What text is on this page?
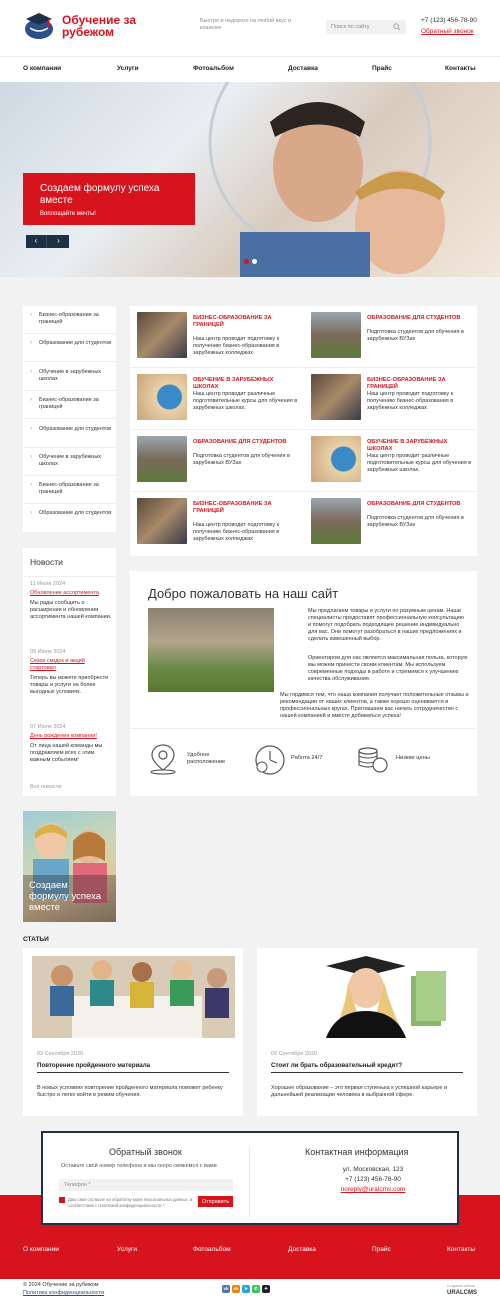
Обучение за рубежом
Быстро и недорого на любой вкус и кошелек
Поиск по сайту
+7 (123) 456-78-90
Обратный звонок
О компании	Услуги	Фотоальбом	Доставка	Прайс	Контакты
Создаем формулу успеха вместе
Воплощайте мечты!
‹	›
› Бизнес-образование за границей
› Образование для студентов
› Обучение в зарубежных школах
› Бизнес-образование за границей
› Образование для студентов
› Обучение в зарубежных школах
› Бизнес-образование за границей
› Образование для студентов
Новости
11 Июля 2024
Обновление ассортимента
Мы рады сообщить о расширении и обновлении ассортимента нашей компании.
09 Июля 2024
Сезон скидок и акций стартовал
Теперь вы можете приобрести товары и услуги на более выгодных условиях.
07 Июля 2024
День рождения компании!
От лица нашей команды мы поздравляем всех с этим важным событием!
Все новости
Создаем формулу успеха вместе
БИЗНЕС-ОБРАЗОВАНИЕ ЗА ГРАНИЦЕЙ
Наш центр проводит подготовку к получению бизнес-образования в зарубежных колледжах
ОБРАЗОВАНИЕ ДЛЯ СТУДЕНТОВ
Подготовка студентов для обучения в зарубежных ВУЗах
ОБУЧЕНИЕ В ЗАРУБЕЖНЫХ ШКОЛАХ
Наш центр проводит различные подготовительные курсы для обучения в зарубежных школах.
БИЗНЕС-ОБРАЗОВАНИЕ ЗА ГРАНИЦЕЙ
Наш центр проводит подготовку к получению бизнес-образования в зарубежных колледжах
ОБРАЗОВАНИЕ ДЛЯ СТУДЕНТОВ
Подготовка студентов для обучения в зарубежных ВУЗах
ОБУЧЕНИЕ В ЗАРУБЕЖНЫХ ШКОЛАХ
Наш центр проводит различные подготовительные курсы для обучения в зарубежных школах.
БИЗНЕС-ОБРАЗОВАНИЕ ЗА ГРАНИЦЕЙ
Наш центр проводит подготовку к получению бизнес-образования в зарубежных колледжах
ОБРАЗОВАНИЕ ДЛЯ СТУДЕНТОВ
Подготовка студентов для обучения в зарубежных ВУЗах
Добро пожаловать на наш сайт
Мы предлагаем товары и услуги по разумным ценам. Наши специалисты предоставят профессиональную консультацию и помогут подобрать подходящее решение индивидуально для вас. Они помогут разобраться в наших предложениях и сделать взвешенный выбор.
Ориентиром для нас является максимальная польза, которую мы можем принести своим клиентам. Мы используем современные подходы в работе и стремимся к улучшению качества обслуживания.
Мы гордимся тем, что наша компания получает положительные отзывы и рекомендации от наших клиентов, а также хорошо оценивается в профессиональных кругах. Приглашаем вас начать сотрудничество с нашей компанией и вместе добиваться успеха!
Удобное расположение
Работа 24/7	Низкие цены
СТАТЬИ
03 Сентября 2020
Повторение пройденного материала
В новых условиях повторение пройденного материала поможет ребенку быстро и легко войти в режим обучения.
03 Сентября 2020
Стоит ли брать образовательный кредит?
Хорошее образование – это первая ступенька к успешной карьере и дальнейшей реализации человека в выбранной сфере.
Обратный звонок
Оставьте свой номер телефона и мы скоро свяжемся с вами
Телефон *
Даю свое согласие на обработку моих персональных данных, в соответствии с политикой конфиденциальности *
Отправить
Контактная информация
ул. Московская, 123
+7 (123) 456-78-90
noreply@uralcms.com
О компании	Услуги	Фотоальбом	Доставка	Прайс	Контакты
© 2024 Обучение за рубежом
Политика конфиденциальности
vk	ok	➤	✆	✦	Создание сайтов
URALCMS
